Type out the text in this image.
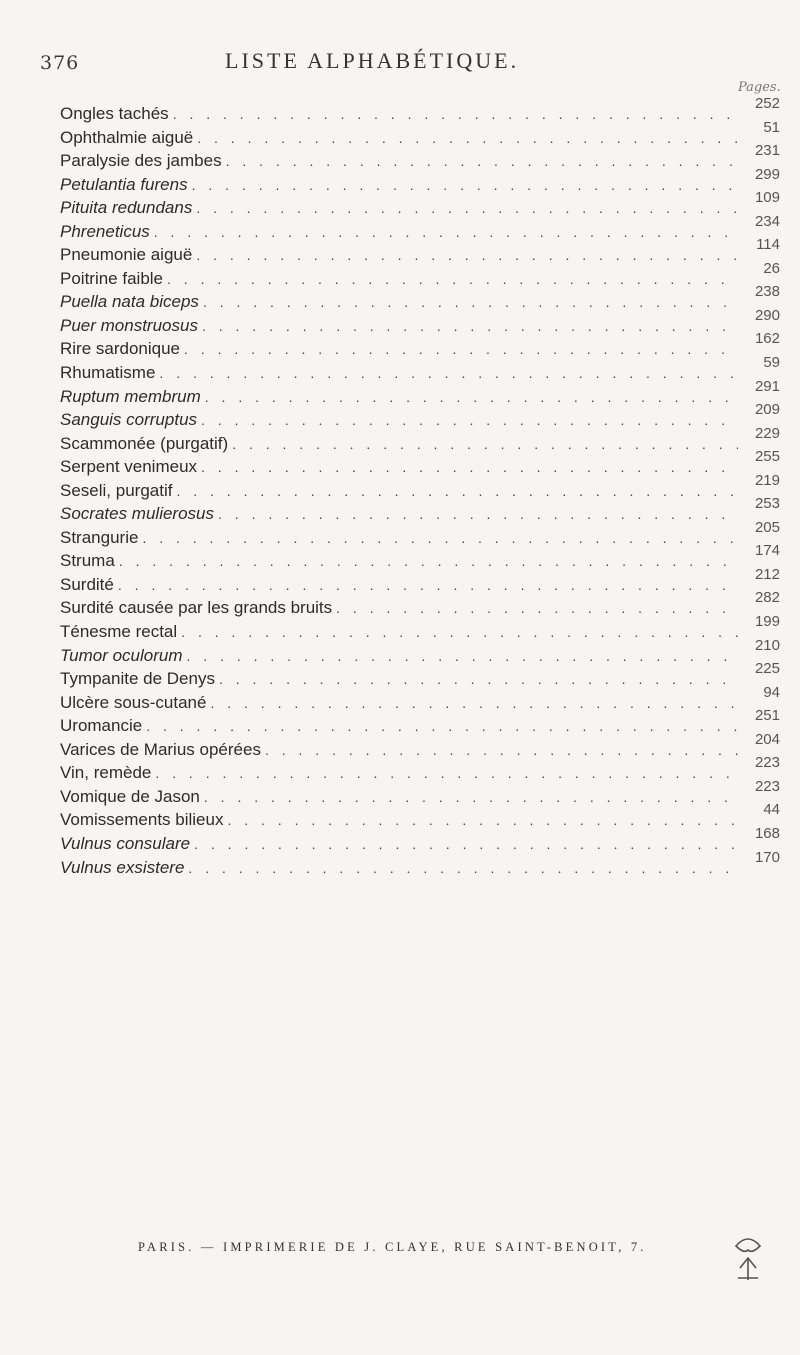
376	LISTE ALPHABÉTIQUE.
Pages.
Ongles tachés
. . .
252
Ophthalmie aiguë
. . .
51
Paralysie des jambes
. . .
231
Petulantia furens
. . .
299
Pituita redundans
. . .
109
Phreneticus
. . .
234
Pneumonie aiguë
. . .
114
Poitrine faible
. . .
26
Puella nata biceps
. . .
238
Puer monstruosus
. . .
290
Rire sardonique
. . .
162
Rhumatisme
. . .
59
Ruptum membrum
. . .
291
Sanguis corruptus
. . .
209
Scammonée (purgatif)
. . .
229
Serpent venimeux
. . .
255
Seseli, purgatif
. . .
219
Socrates mulierosus
. . .
253
Strangurie
. . .
205
Struma
. . .
174
Surdité
. . .
212
Surdité causée par les grands bruits
. . .
282
Ténesme rectal
. . .
199
Tumor oculorum
. . .
210
Tympanite de Denys
. . .
225
Ulcère sous-cutané
. . .
94
Uromancie
. . .
251
Varices de Marius opérées
. . .
204
Vin, remède
. . .
223
Vomique de Jason
. . .
223
Vomissements bilieux
. . .
44
Vulnus consulare
. . .
168
Vulnus exsistere
. . .
170
PARIS. — IMPRIMERIE DE J. CLAYE, RUE SAINT-BENOIT, 7.
